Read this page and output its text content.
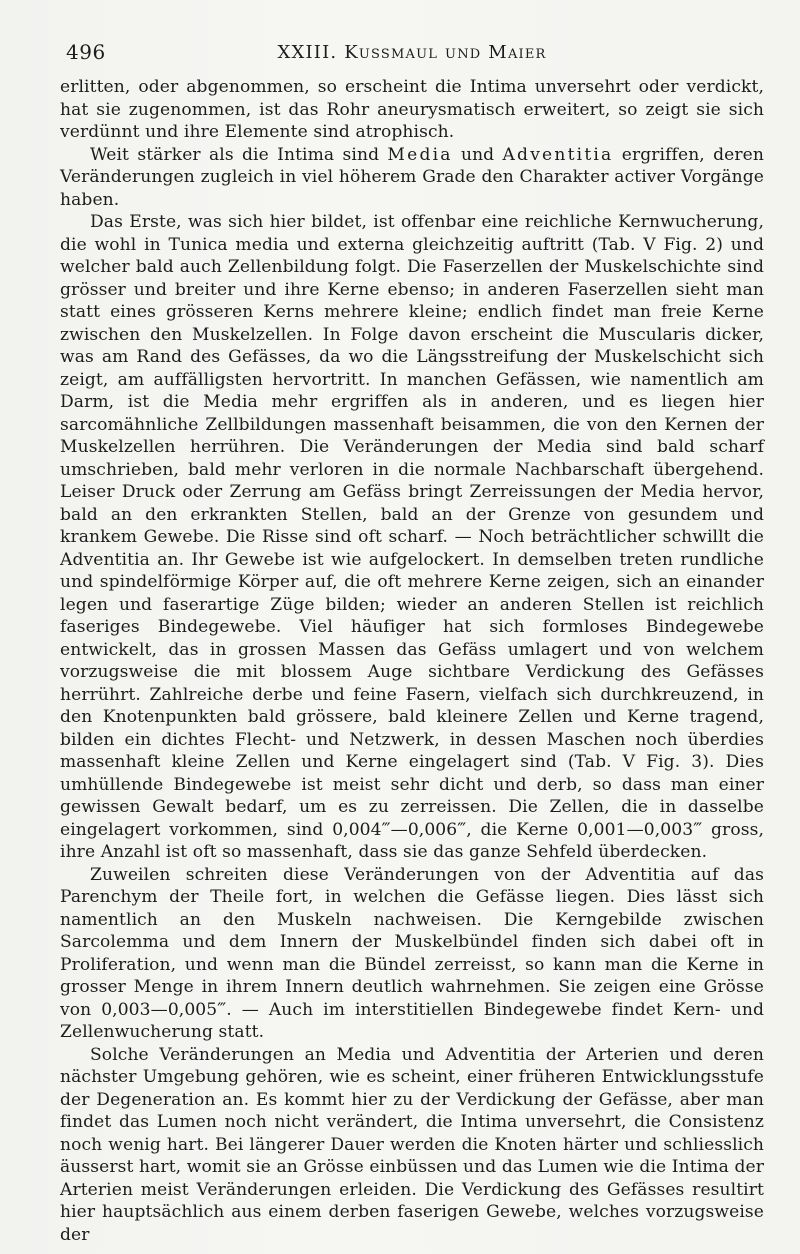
496	XXIII. Kussmaul und Maier

erlitten, oder abgenommen, so erscheint die Intima unversehrt oder verdickt, hat sie zugenommen, ist das Rohr aneurysmatisch erweitert, so zeigt sie sich verdünnt und ihre Elemente sind atrophisch.

Weit stärker als die Intima sind Media und Adventitia ergriffen, deren Veränderungen zugleich in viel höherem Grade den Charakter activer Vorgänge haben.

Das Erste, was sich hier bildet, ist offenbar eine reichliche Kernwucherung, die wohl in Tunica media und externa gleichzeitig auftritt (Tab. V Fig. 2) und welcher bald auch Zellenbildung folgt. Die Faserzellen der Muskelschichte sind grösser und breiter und ihre Kerne ebenso; in anderen Faserzellen sieht man statt eines grösseren Kerns mehrere kleine; endlich findet man freie Kerne zwischen den Muskelzellen. In Folge davon erscheint die Muscularis dicker, was am Rand des Gefässes, da wo die Längsstreifung der Muskelschicht sich zeigt, am auffälligsten hervortritt. In manchen Gefässen, wie namentlich am Darm, ist die Media mehr ergriffen als in anderen, und es liegen hier sarcomähnliche Zellbildungen massenhaft beisammen, die von den Kernen der Muskelzellen herrühren. Die Veränderungen der Media sind bald scharf umschrieben, bald mehr verloren in die normale Nachbarschaft übergehend. Leiser Druck oder Zerrung am Gefäss bringt Zerreissungen der Media hervor, bald an den erkrankten Stellen, bald an der Grenze von gesundem und krankem Gewebe. Die Risse sind oft scharf. — Noch beträchtlicher schwillt die Adventitia an. Ihr Gewebe ist wie aufgelockert. In demselben treten rundliche und spindelförmige Körper auf, die oft mehrere Kerne zeigen, sich an einander legen und faserartige Züge bilden; wieder an anderen Stellen ist reichlich faseriges Bindegewebe. Viel häufiger hat sich formloses Bindegewebe entwickelt, das in grossen Massen das Gefäss umlagert und von welchem vorzugsweise die mit blossem Auge sichtbare Verdickung des Gefässes herrührt. Zahlreiche derbe und feine Fasern, vielfach sich durchkreuzend, in den Knotenpunkten bald grössere, bald kleinere Zellen und Kerne tragend, bilden ein dichtes Flecht- und Netzwerk, in dessen Maschen noch überdies massenhaft kleine Zellen und Kerne eingelagert sind (Tab. V Fig. 3). Dies umhüllende Bindegewebe ist meist sehr dicht und derb, so dass man einer gewissen Gewalt bedarf, um es zu zerreissen. Die Zellen, die in dasselbe eingelagert vorkommen, sind 0,004‴—0,006‴, die Kerne 0,001—0,003‴ gross, ihre Anzahl ist oft so massenhaft, dass sie das ganze Sehfeld überdecken.

Zuweilen schreiten diese Veränderungen von der Adventitia auf das Parenchym der Theile fort, in welchen die Gefässe liegen. Dies lässt sich namentlich an den Muskeln nachweisen. Die Kerngebilde zwischen Sarcolemma und dem Innern der Muskelbündel finden sich dabei oft in Proliferation, und wenn man die Bündel zerreisst, so kann man die Kerne in grosser Menge in ihrem Innern deutlich wahrnehmen. Sie zeigen eine Grösse von 0,003—0,005‴. — Auch im interstitiellen Bindegewebe findet Kern- und Zellenwucherung statt.

Solche Veränderungen an Media und Adventitia der Arterien und deren nächster Umgebung gehören, wie es scheint, einer früheren Entwicklungsstufe der Degeneration an. Es kommt hier zu der Verdickung der Gefässe, aber man findet das Lumen noch nicht verändert, die Intima unversehrt, die Consistenz noch wenig hart. Bei längerer Dauer werden die Knoten härter und schliesslich äusserst hart, womit sie an Grösse einbüssen und das Lumen wie die Intima der Arterien meist Veränderungen erleiden. Die Verdickung des Gefässes resultirt hier hauptsächlich aus einem derben faserigen Gewebe, welches vorzugsweise der
